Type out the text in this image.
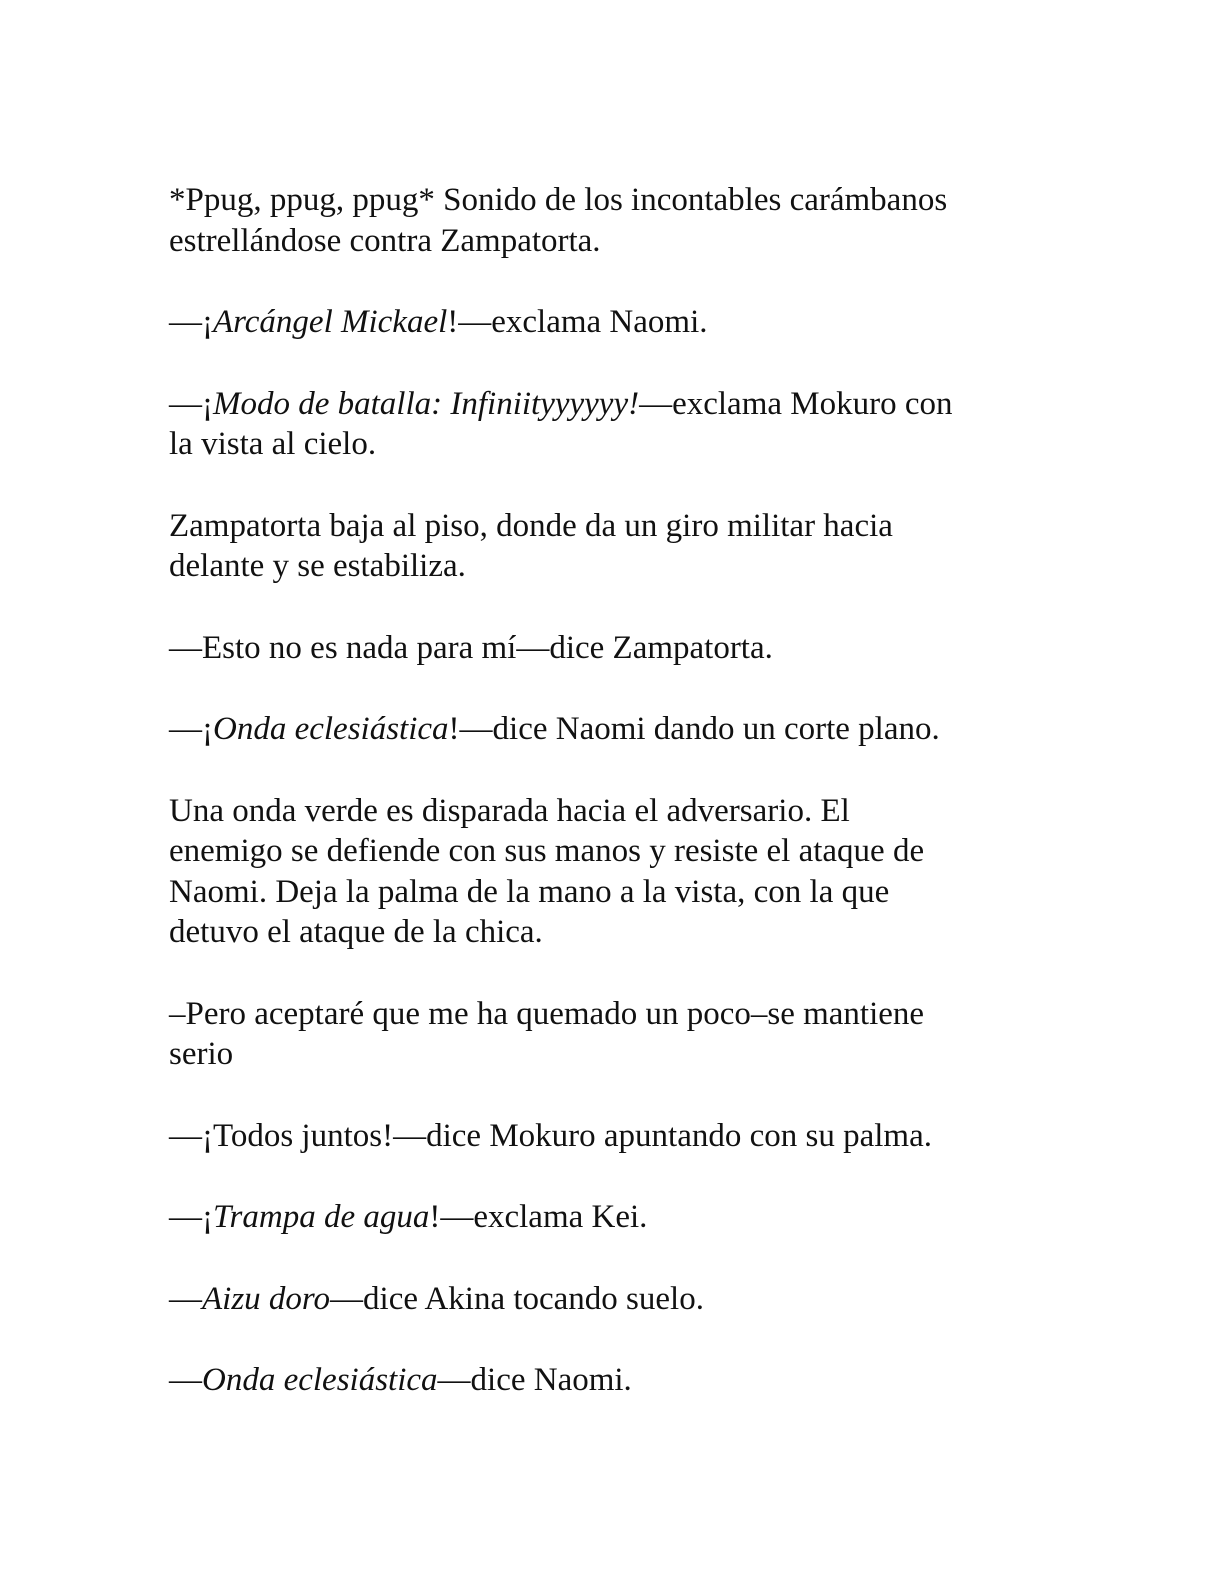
*Ppug, ppug, ppug* Sonido de los incontables carámbanos
estrellándose contra Zampatorta.

—¡Arcángel Mickael!—exclama Naomi.

—¡Modo de batalla: Infiniityyyyyy!—exclama Mokuro con
la vista al cielo.

Zampatorta baja al piso, donde da un giro militar hacia
delante y se estabiliza.

—Esto no es nada para mí—dice Zampatorta.

—¡Onda eclesiástica!—dice Naomi dando un corte plano.

Una onda verde es disparada hacia el adversario. El
enemigo se defiende con sus manos y resiste el ataque de
Naomi. Deja la palma de la mano a la vista, con la que
detuvo el ataque de la chica.

–Pero aceptaré que me ha quemado un poco–se mantiene
serio

—¡Todos juntos!—dice Mokuro apuntando con su palma.

—¡Trampa de agua!—exclama Kei.

—Aizu doro—dice Akina tocando suelo.

—Onda eclesiástica—dice Naomi.
